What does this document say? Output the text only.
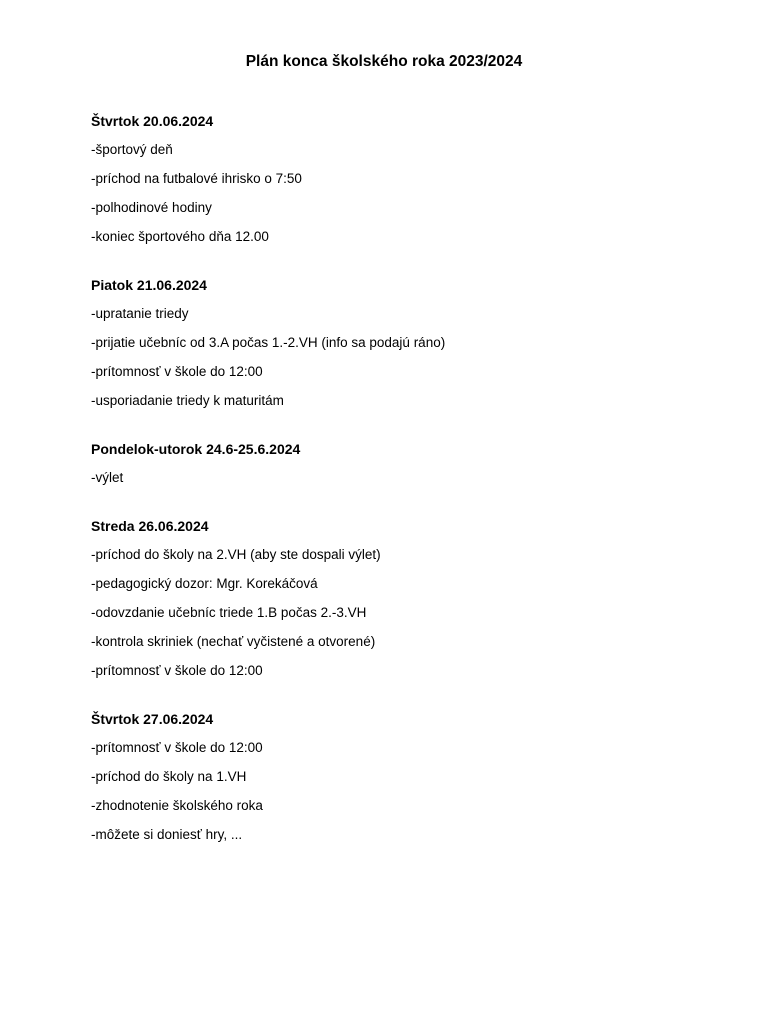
Plán konca školského roka 2023/2024
Štvrtok 20.06.2024
-športový deň
-príchod na futbalové ihrisko o 7:50
-polhodinové hodiny
-koniec športového dňa 12.00
Piatok 21.06.2024
-upratanie triedy
-prijatie učebníc od 3.A počas 1.-2.VH (info sa podajú ráno)
-prítomnosť v škole do 12:00
-usporiadanie triedy k maturitám
Pondelok-utorok 24.6-25.6.2024
-výlet
Streda 26.06.2024
-príchod do školy na 2.VH (aby ste dospali výlet)
-pedagogický dozor: Mgr. Korekáčová
-odovzdanie učebníc triede 1.B počas 2.-3.VH
-kontrola skriniek (nechať vyčistené a otvorené)
-prítomnosť v škole do 12:00
Štvrtok 27.06.2024
-prítomnosť v škole do 12:00
-príchod do školy na 1.VH
-zhodnotenie školského roka
-môžete si doniesť hry, ...
